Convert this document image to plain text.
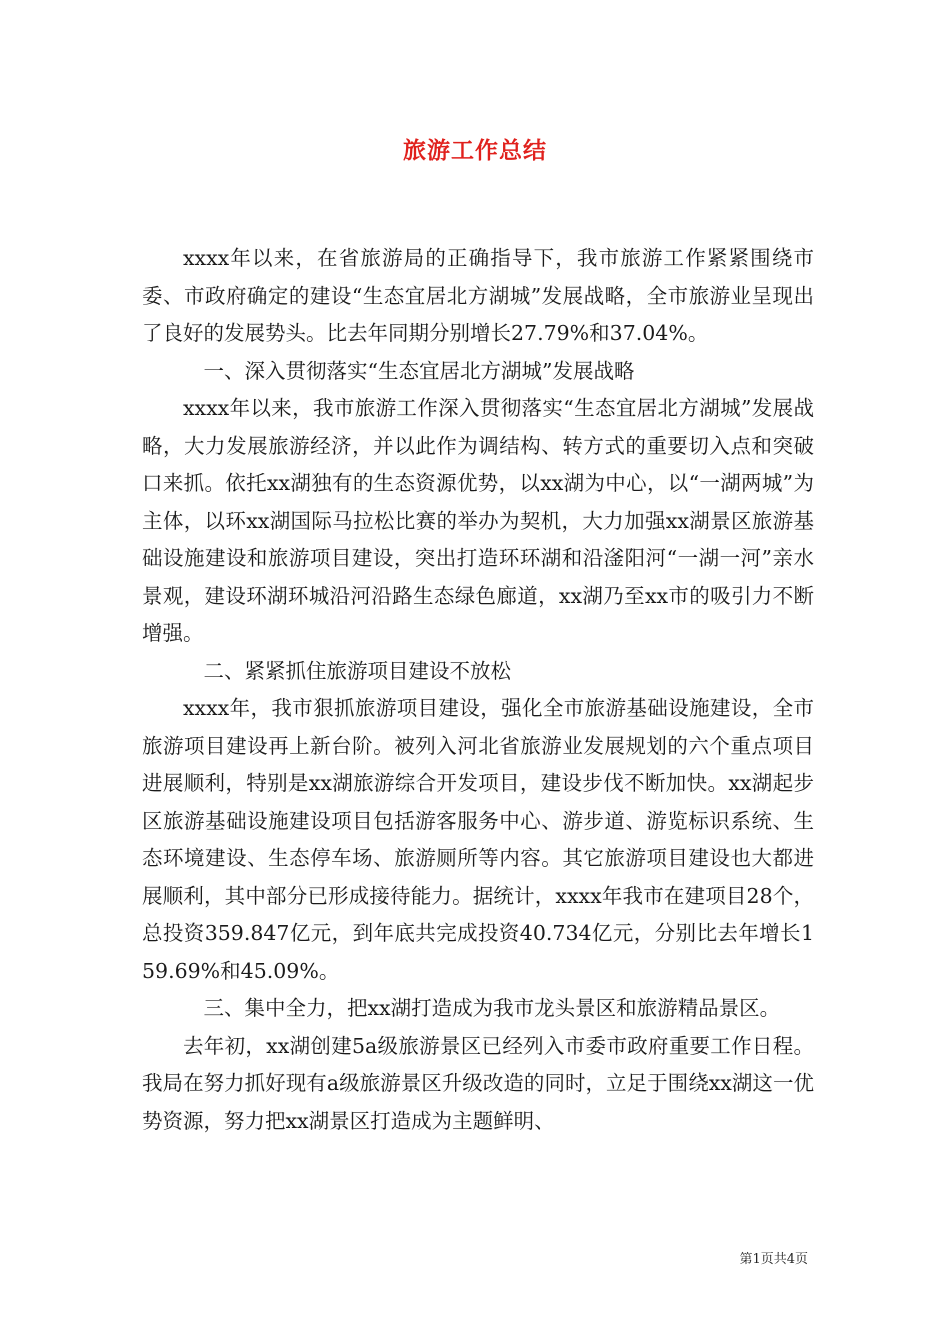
旅游工作总结

xxxx年以来，在省旅游局的正确指导下，我市旅游工作紧紧围绕市委、市政府确定的建设“生态宜居北方湖城”发展战略，全市旅游业呈现出了良好的发展势头。比去年同期分别增长27.79%和37.04%。

一、深入贯彻落实“生态宜居北方湖城”发展战略

xxxx年以来，我市旅游工作深入贯彻落实“生态宜居北方湖城”发展战略，大力发展旅游经济，并以此作为调结构、转方式的重要切入点和突破口来抓。依托xx湖独有的生态资源优势，以xx湖为中心，以“一湖两城”为主体，以环xx湖国际马拉松比赛的举办为契机，大力加强xx湖景区旅游基础设施建设和旅游项目建设，突出打造环环湖和沿滏阳河“一湖一河”亲水景观，建设环湖环城沿河沿路生态绿色廊道，xx湖乃至xx市的吸引力不断增强。

二、紧紧抓住旅游项目建设不放松

xxxx年，我市狠抓旅游项目建设，强化全市旅游基础设施建设，全市旅游项目建设再上新台阶。被列入河北省旅游业发展规划的六个重点项目进展顺利，特别是xx湖旅游综合开发项目，建设步伐不断加快。xx湖起步区旅游基础设施建设项目包括游客服务中心、游步道、游览标识系统、生态环境建设、生态停车场、旅游厕所等内容。其它旅游项目建设也大都进展顺利，其中部分已形成接待能力。据统计，xxxx年我市在建项目28个，总投资359.847亿元，到年底共完成投资40.734亿元，分别比去年增长159.69%和45.09%。

三、集中全力，把xx湖打造成为我市龙头景区和旅游精品景区。

去年初，xx湖创建5a级旅游景区已经列入市委市政府重要工作日程。我局在努力抓好现有a级旅游景区升级改造的同时，立足于围绕xx湖这一优势资源，努力把xx湖景区打造成为主题鲜明、

第1页共4页
